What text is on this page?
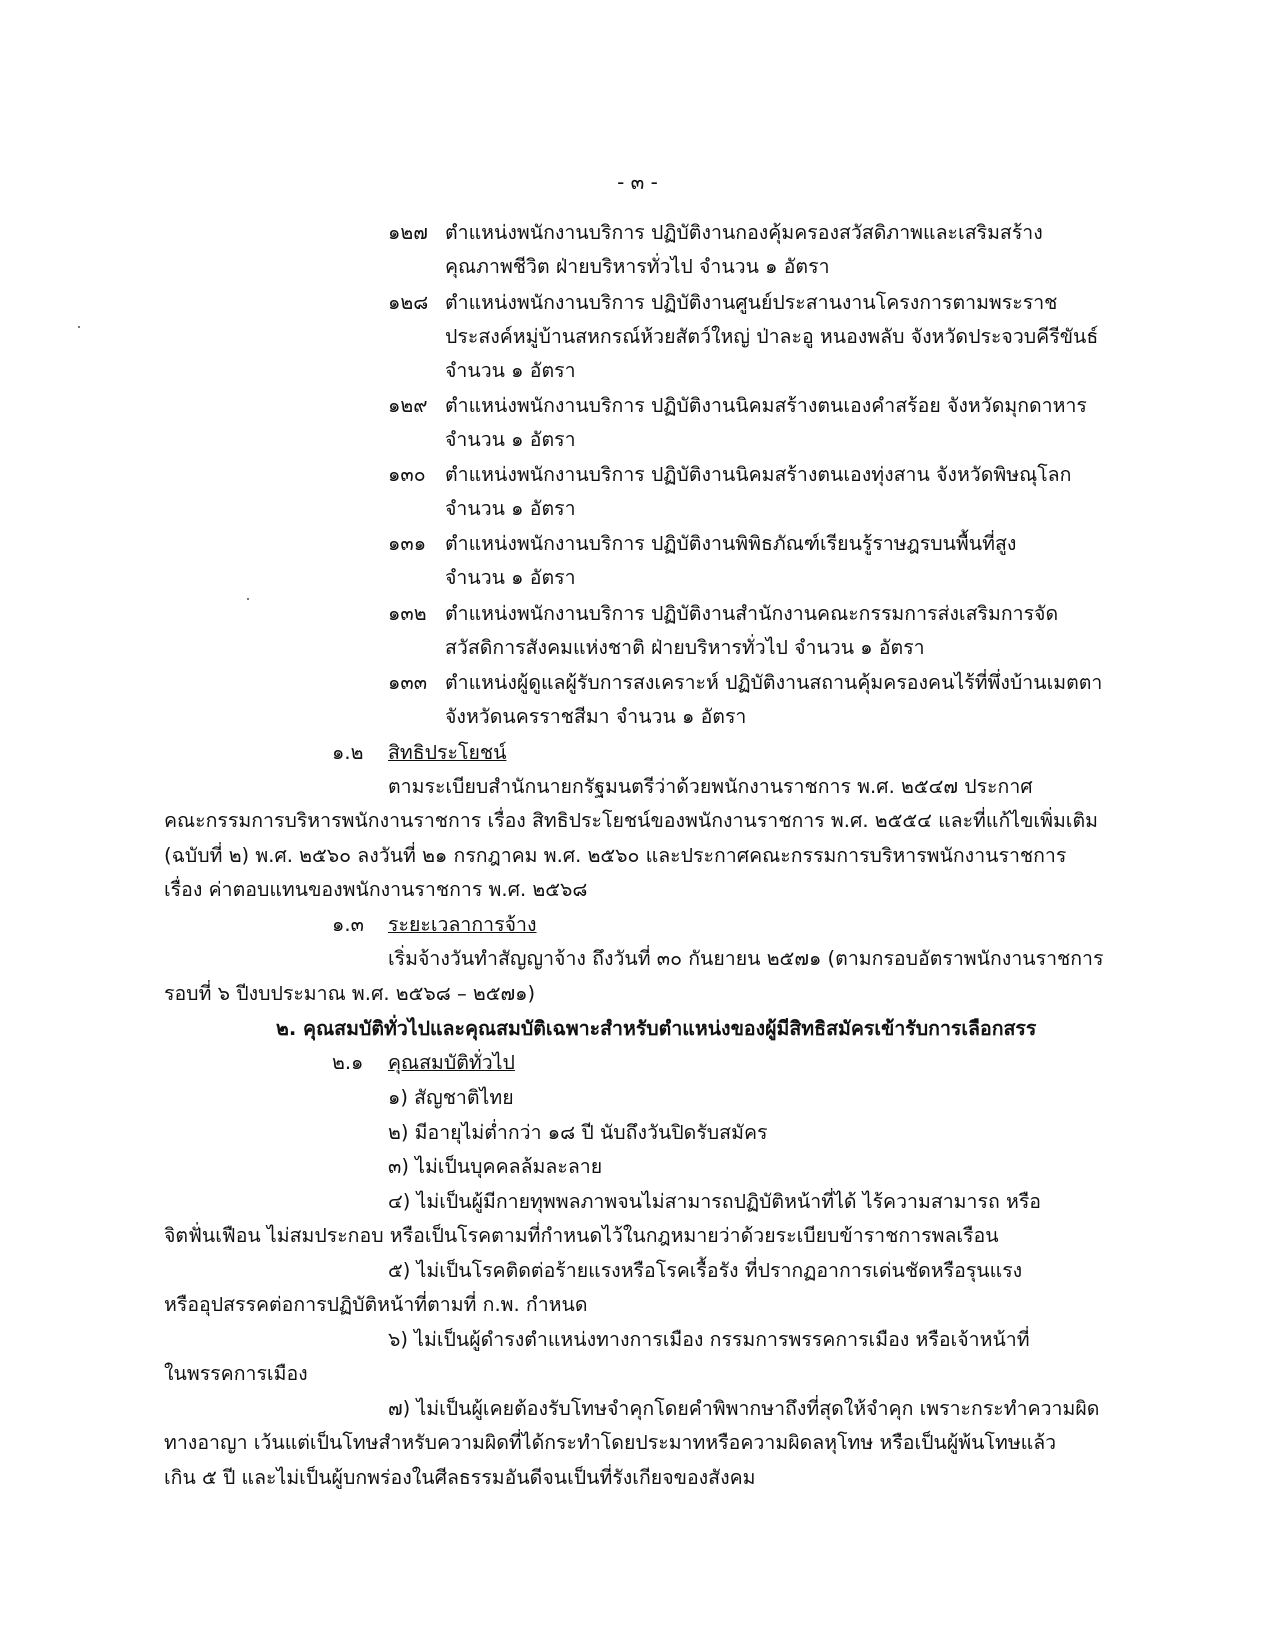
- ๓ -
๑๒๗ ตำแหน่งพนักงานบริการ ปฏิบัติงานกองคุ้มครองสวัสดิภาพและเสริมสร้าง
คุณภาพชีวิต ฝ่ายบริหารทั่วไป จำนวน ๑ อัตรา
๑๒๘ ตำแหน่งพนักงานบริการ ปฏิบัติงานศูนย์ประสานงานโครงการตามพระราช
ประสงค์หมู่บ้านสหกรณ์ห้วยสัตว์ใหญ่ ป่าละอู หนองพลับ จังหวัดประจวบคีรีขันธ์
จำนวน ๑ อัตรา
๑๒๙ ตำแหน่งพนักงานบริการ ปฏิบัติงานนิคมสร้างตนเองคำสร้อย จังหวัดมุกดาหาร
จำนวน ๑ อัตรา
๑๓๐ ตำแหน่งพนักงานบริการ ปฏิบัติงานนิคมสร้างตนเองทุ่งสาน จังหวัดพิษณุโลก
จำนวน ๑ อัตรา
๑๓๑ ตำแหน่งพนักงานบริการ ปฏิบัติงานพิพิธภัณฑ์เรียนรู้ราษฎรบนพื้นที่สูง
จำนวน ๑ อัตรา
๑๓๒ ตำแหน่งพนักงานบริการ ปฏิบัติงานสำนักงานคณะกรรมการส่งเสริมการจัด
สวัสดิการสังคมแห่งชาติ ฝ่ายบริหารทั่วไป จำนวน ๑ อัตรา
๑๓๓ ตำแหน่งผู้ดูแลผู้รับการสงเคราะห์ ปฏิบัติงานสถานคุ้มครองคนไร้ที่พึ่งบ้านเมตตา
จังหวัดนครราชสีมา จำนวน ๑ อัตรา
๑.๒ สิทธิประโยชน์
ตามระเบียบสำนักนายกรัฐมนตรีว่าด้วยพนักงานราชการ พ.ศ. ๒๕๔๗ ประกาศ
คณะกรรมการบริหารพนักงานราชการ เรื่อง สิทธิประโยชน์ของพนักงานราชการ พ.ศ. ๒๕๕๔ และที่แก้ไขเพิ่มเติม
(ฉบับที่ ๒) พ.ศ. ๒๕๖๐ ลงวันที่ ๒๑ กรกฎาคม พ.ศ. ๒๕๖๐ และประกาศคณะกรรมการบริหารพนักงานราชการ
เรื่อง ค่าตอบแทนของพนักงานราชการ พ.ศ. ๒๕๖๘
๑.๓ ระยะเวลาการจ้าง
เริ่มจ้างวันทำสัญญาจ้าง ถึงวันที่ ๓๐ กันยายน ๒๕๗๑ (ตามกรอบอัตราพนักงานราชการ
รอบที่ ๖ ปีงบประมาณ พ.ศ. ๒๕๖๘ – ๒๕๗๑)
๒. คุณสมบัติทั่วไปและคุณสมบัติเฉพาะสำหรับตำแหน่งของผู้มีสิทธิสมัครเข้ารับการเลือกสรร
๒.๑ คุณสมบัติทั่วไป
๑) สัญชาติไทย
๒) มีอายุไม่ต่ำกว่า ๑๘ ปี นับถึงวันปิดรับสมัคร
๓) ไม่เป็นบุคคลล้มละลาย
๔) ไม่เป็นผู้มีกายทุพพลภาพจนไม่สามารถปฏิบัติหน้าที่ได้ ไร้ความสามารถ หรือ
จิตฟั่นเฟือน ไม่สมประกอบ หรือเป็นโรคตามที่กำหนดไว้ในกฎหมายว่าด้วยระเบียบข้าราชการพลเรือน
๕) ไม่เป็นโรคติดต่อร้ายแรงหรือโรคเรื้อรัง ที่ปรากฏอาการเด่นชัดหรือรุนแรง
หรืออุปสรรคต่อการปฏิบัติหน้าที่ตามที่ ก.พ. กำหนด
๖) ไม่เป็นผู้ดำรงตำแหน่งทางการเมือง กรรมการพรรคการเมือง หรือเจ้าหน้าที่
ในพรรคการเมือง
๗) ไม่เป็นผู้เคยต้องรับโทษจำคุกโดยคำพิพากษาถึงที่สุดให้จำคุก เพราะกระทำความผิด
ทางอาญา เว้นแต่เป็นโทษสำหรับความผิดที่ได้กระทำโดยประมาทหรือความผิดลหุโทษ หรือเป็นผู้พ้นโทษแล้ว
เกิน ๕ ปี และไม่เป็นผู้บกพร่องในศีลธรรมอันดีจนเป็นที่รังเกียจของสังคม
